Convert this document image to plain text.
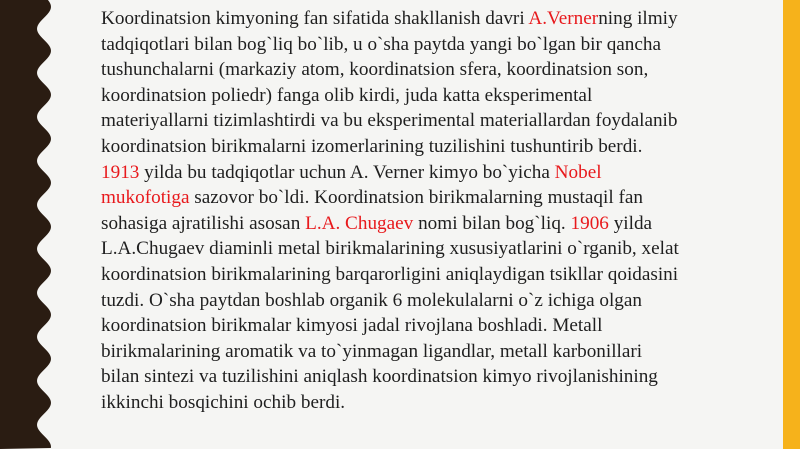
Koordinatsion kimyoning fan sifatida shakllanish davri A.Vernerning ilmiy
tadqiqotlari bilan bog`liq bo`lib, u o`sha paytda yangi bo`lgan bir qancha
tushunchalarni (markaziy atom, koordinatsion sfera, koordinatsion son,
koordinatsion poliedr) fanga olib kirdi, juda katta eksperimental
materiyallarni tizimlashtirdi va bu eksperimental materiallardan foydalanib
koordinatsion birikmalarni izomerlarining tuzilishini tushuntirib berdi.
1913 yilda bu tadqiqotlar uchun A. Verner kimyo bo`yicha Nobel
mukofotiga sazovor bo`ldi. Koordinatsion birikmalarning mustaqil fan
sohasiga ajratilishi asosan L.A. Chugaev nomi bilan bog`liq. 1906 yilda
L.A.Chugaev diaminli metal birikmalarining xususiyatlarini o`rganib, xelat
koordinatsion birikmalarining barqarorligini aniqlaydigan tsikllar qoidasini
tuzdi. O`sha paytdan boshlab organik 6 molekulalarni o`z ichiga olgan
koordinatsion birikmalar kimyosi jadal rivojlana boshladi. Metall
birikmalarining aromatik va to`yinmagan ligandlar, metall karbonillari
bilan sintezi va tuzilishini aniqlash koordinatsion kimyo rivojlanishining
ikkinchi bosqichini ochib berdi.
